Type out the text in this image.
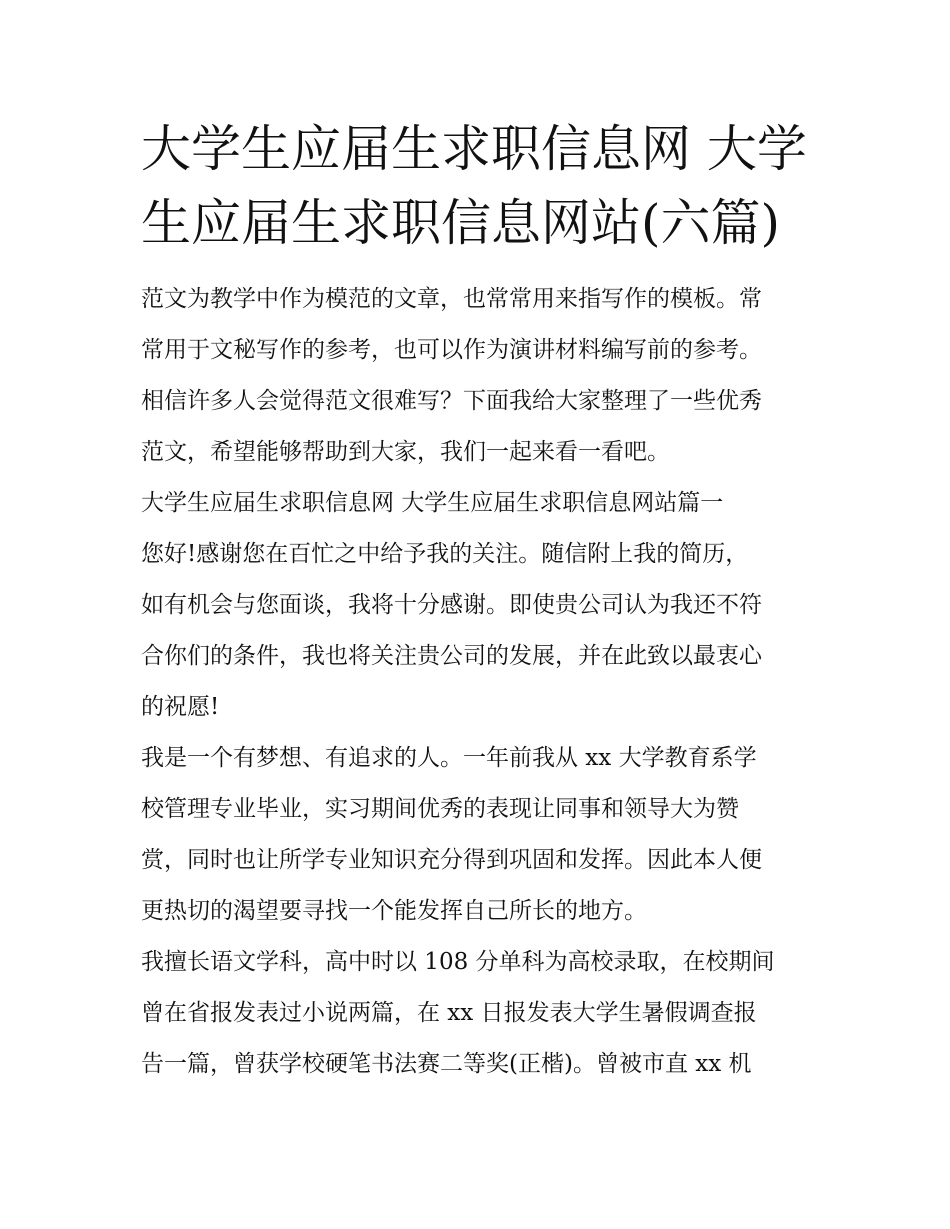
大学生应届生求职信息网 大学
生应届生求职信息网站(六篇)

范文为教学中作为模范的文章，也常常用来指写作的模板。常

常用于文秘写作的参考，也可以作为演讲材料编写前的参考。

相信许多人会觉得范文很难写？下面我给大家整理了一些优秀

范文，希望能够帮助到大家，我们一起来看一看吧。

大学生应届生求职信息网 大学生应届生求职信息网站篇一

您好!感谢您在百忙之中给予我的关注。随信附上我的简历，

如有机会与您面谈，我将十分感谢。即使贵公司认为我还不符

合你们的条件，我也将关注贵公司的发展，并在此致以最衷心

的祝愿!

我是一个有梦想、有追求的人。一年前我从 xx 大学教育系学

校管理专业毕业，实习期间优秀的表现让同事和领导大为赞

赏，同时也让所学专业知识充分得到巩固和发挥。因此本人便

更热切的渴望要寻找一个能发挥自己所长的地方。

我擅长语文学科，高中时以 108 分单科为高校录取，在校期间

曾在省报发表过小说两篇，在 xx 日报发表大学生暑假调查报

告一篇，曾获学校硬笔书法赛二等奖(正楷)。曾被市直 xx 机
